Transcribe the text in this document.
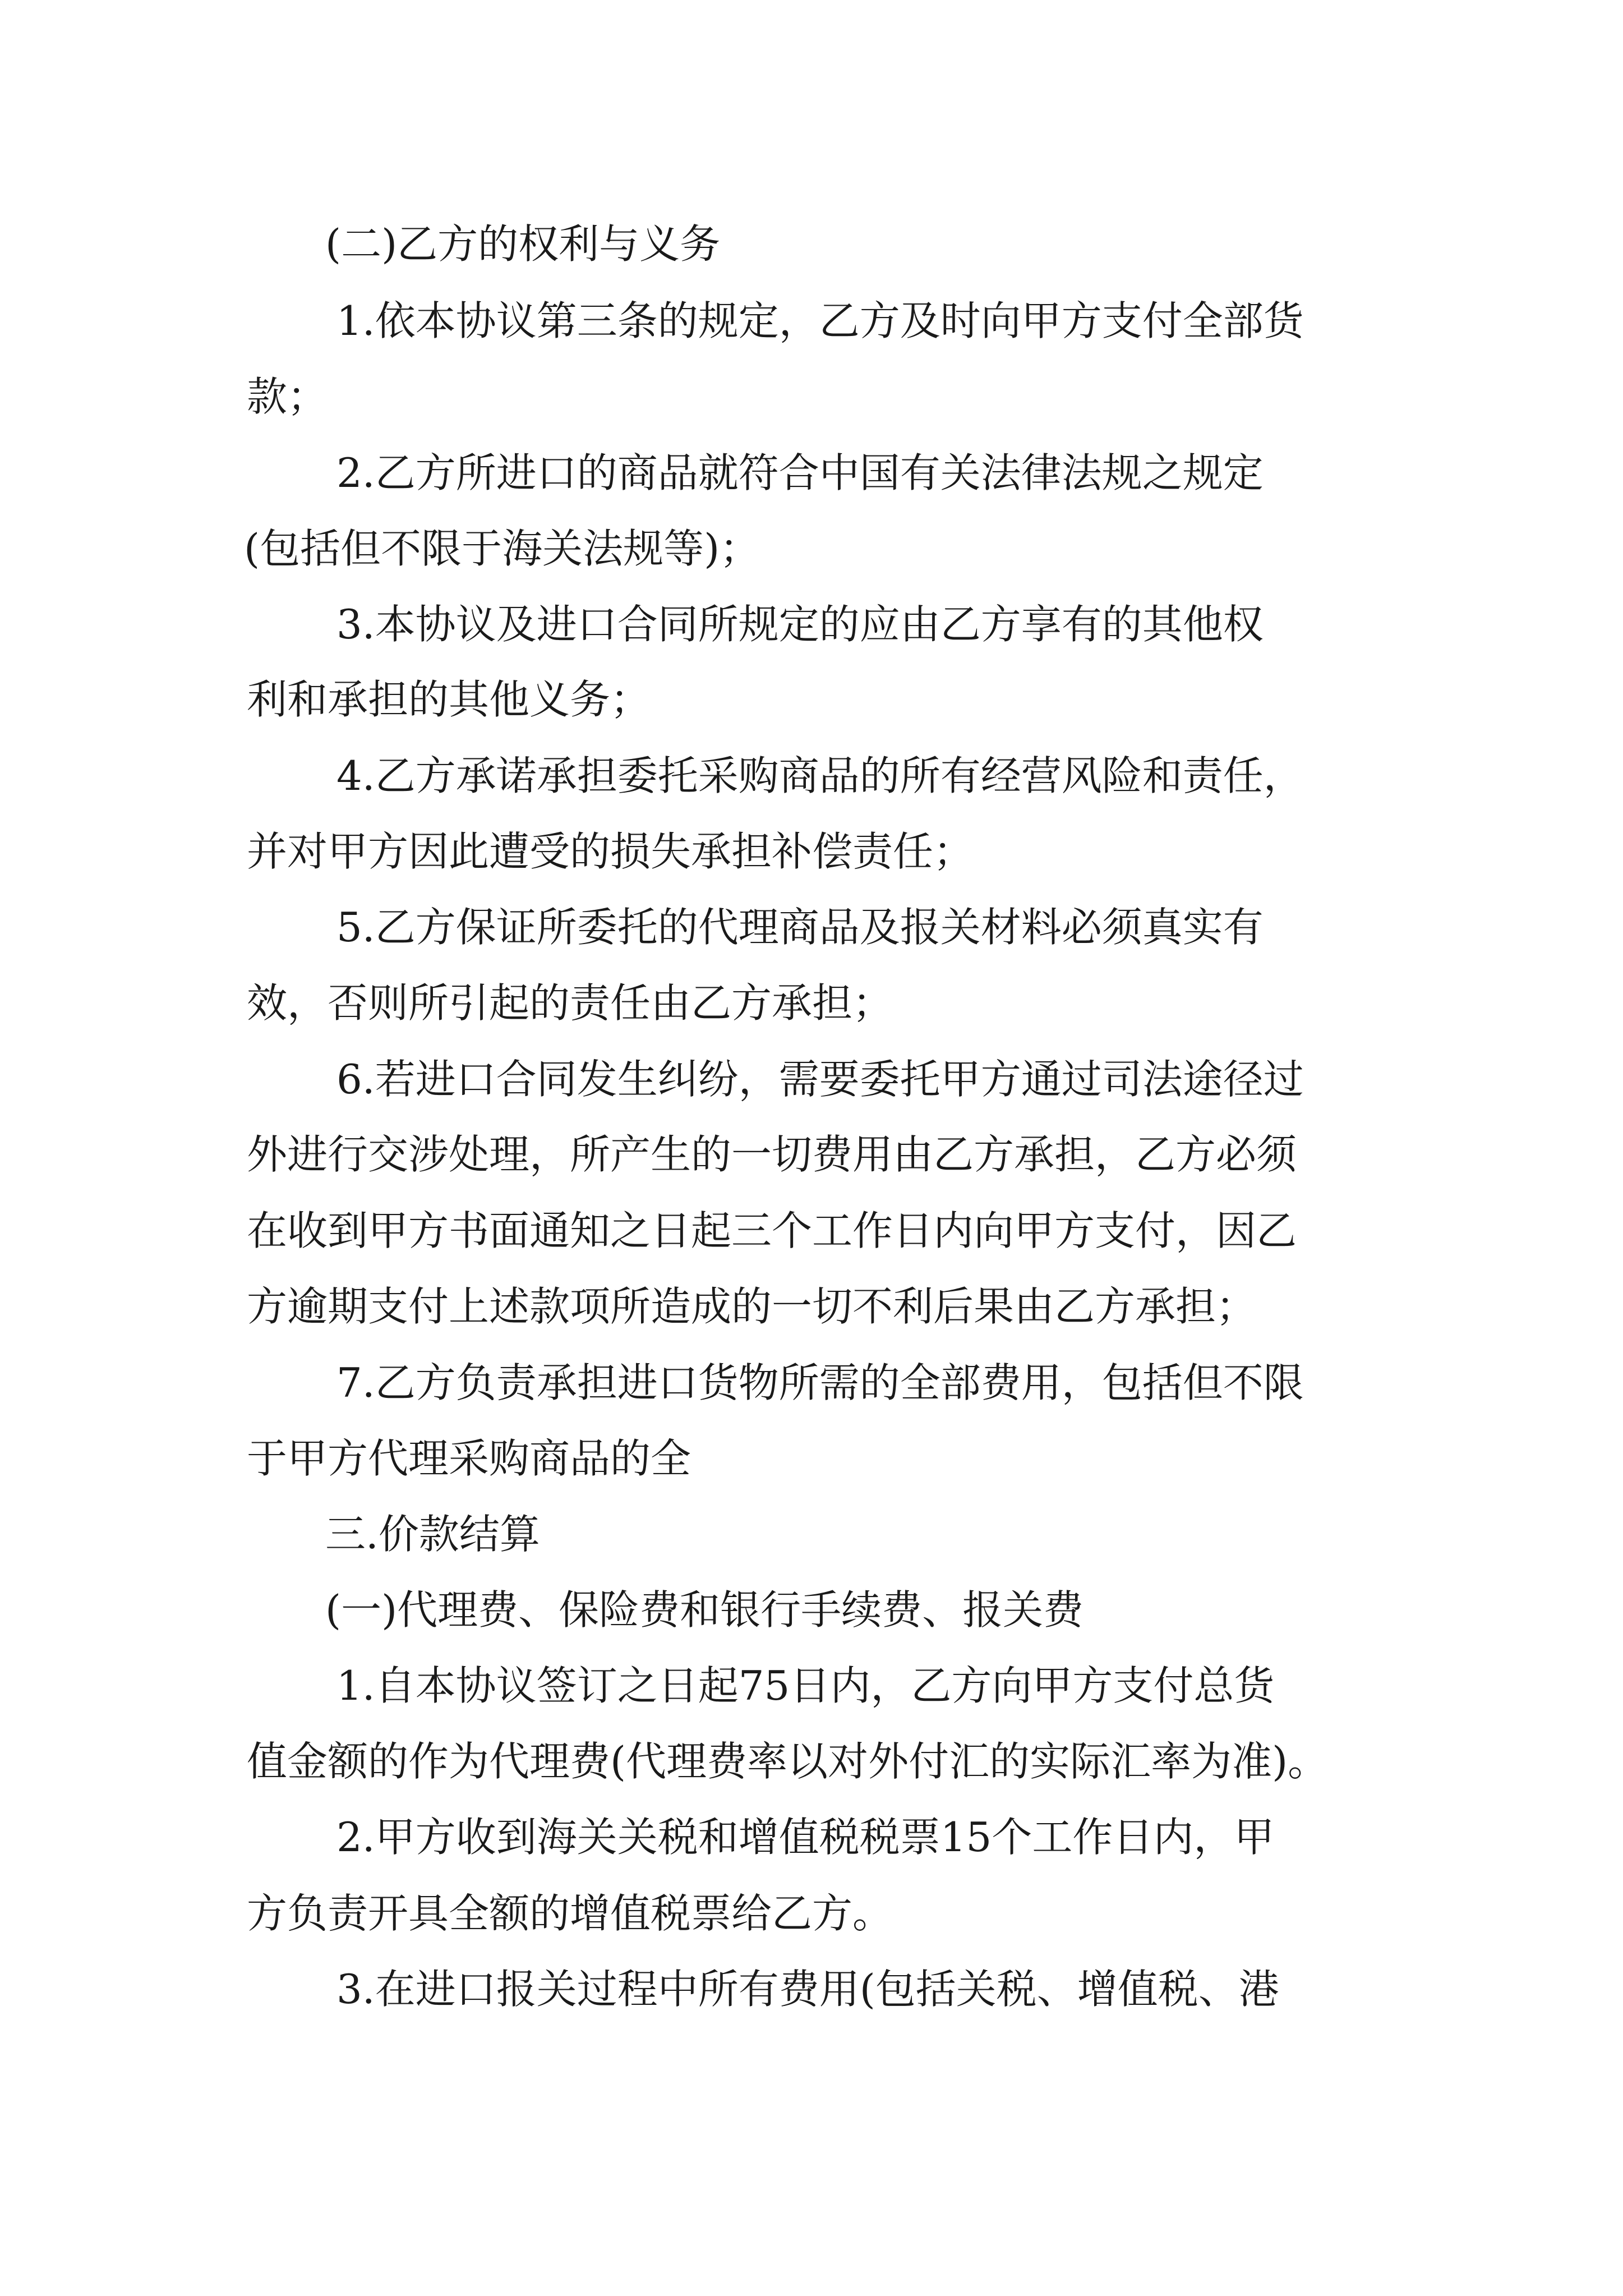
(二)乙方的权利与义务
1.依本协议第三条的规定，乙方及时向甲方支付全部货
款；
2.乙方所进口的商品就符合中国有关法律法规之规定
(包括但不限于海关法规等)；
3.本协议及进口合同所规定的应由乙方享有的其他权
利和承担的其他义务；
4.乙方承诺承担委托采购商品的所有经营风险和责任，
并对甲方因此遭受的损失承担补偿责任；
5.乙方保证所委托的代理商品及报关材料必须真实有
效，否则所引起的责任由乙方承担；
6.若进口合同发生纠纷，需要委托甲方通过司法途径过
外进行交涉处理，所产生的一切费用由乙方承担，乙方必须
在收到甲方书面通知之日起三个工作日内向甲方支付，因乙
方逾期支付上述款项所造成的一切不利后果由乙方承担；
7.乙方负责承担进口货物所需的全部费用，包括但不限
于甲方代理采购商品的全
三.价款结算
(一)代理费、保险费和银行手续费、报关费
1.自本协议签订之日起75日内，乙方向甲方支付总货
值金额的作为代理费(代理费率以对外付汇的实际汇率为准)。
2.甲方收到海关关税和增值税税票15个工作日内，甲
方负责开具全额的增值税票给乙方。
3.在进口报关过程中所有费用(包括关税、增值税、港
